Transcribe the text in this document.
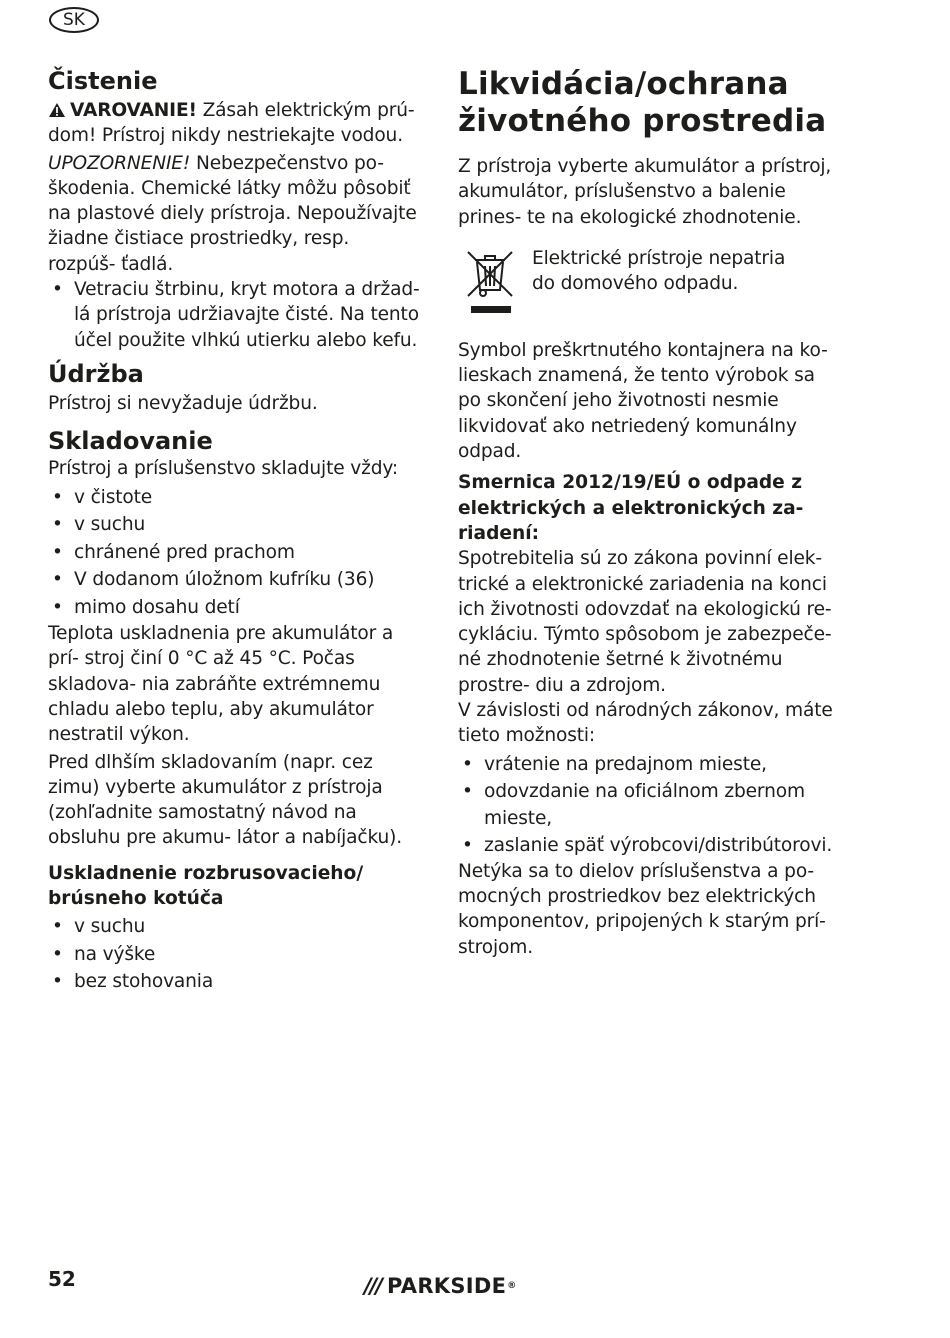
SK
Čistenie

VAROVANIE! Zásah elektrickým prú- dom! Prístroj nikdy nestriekajte vodou.

UPOZORNENIE! Nebezpečenstvo po- škodenia. Chemické látky môžu pôsobiť na plastové diely prístroja. Nepoužívajte žiadne čistiace prostriedky, resp. rozpúš- ťadlá.

• Vetraciu štrbinu, kryt motora a držad- lá prístroja udržiavajte čisté. Na tento účel použite vlhkú utierku alebo kefu.
Údržba

Prístroj si nevyžaduje údržbu.

Skladovanie

Prístroj a príslušenstvo skladujte vždy:

• v čistote
• v suchu
• chránené pred prachom
• V dodanom úložnom kufríku (36)
• mimo dosahu detí

Teplota uskladnenia pre akumulátor a prí- stroj činí 0 °C až 45 °C. Počas skladova- nia zabráňte extrémnemu chladu alebo teplu, aby akumulátor nestratil výkon.

Pred dlhším skladovaním (napr. cez zimu) vyberte akumulátor z prístroja (zohľadnite samostatný návod na obsluhu pre akumu- látor a nabíjačku).

Uskladnenie rozbrusovacieho/ brúsneho kotúča

• v suchu
• na výške
• bez stohovania
Likvidácia/ochrana životného prostredia

Z prístroja vyberte akumulátor a prístroj, akumulátor, príslušenstvo a balenie prines- te na ekologické zhodnotenie.

Elektrické prístroje nepatria do domového odpadu.

Symbol preškrtnutého kontajnera na ko- lieskach znamená, že tento výrobok sa po skončení jeho životnosti nesmie likvidovať ako netriedený komunálny odpad.

Smernica 2012/19/EÚ o odpade z elektrických a elektronických za- riadení:

Spotrebitelia sú zo zákona povinní elek- trické a elektronické zariadenia na konci ich životnosti odovzdať na ekologickú re- cykláciu. Týmto spôsobom je zabezpeče- né zhodnotenie šetrné k životnému prostre- diu a zdrojom.

V závislosti od národných zákonov, máte tieto možnosti:

• vrátenie na predajnom mieste,
• odovzdanie na oficiálnom zbernom mieste,
• zaslanie späť výrobcovi/distribútorovi.

Netýka sa to dielov príslušenstva a po- mocných prostriedkov bez elektrických komponentov, pripojených k starým prí- strojom.

52	/// PARKSIDE ®
